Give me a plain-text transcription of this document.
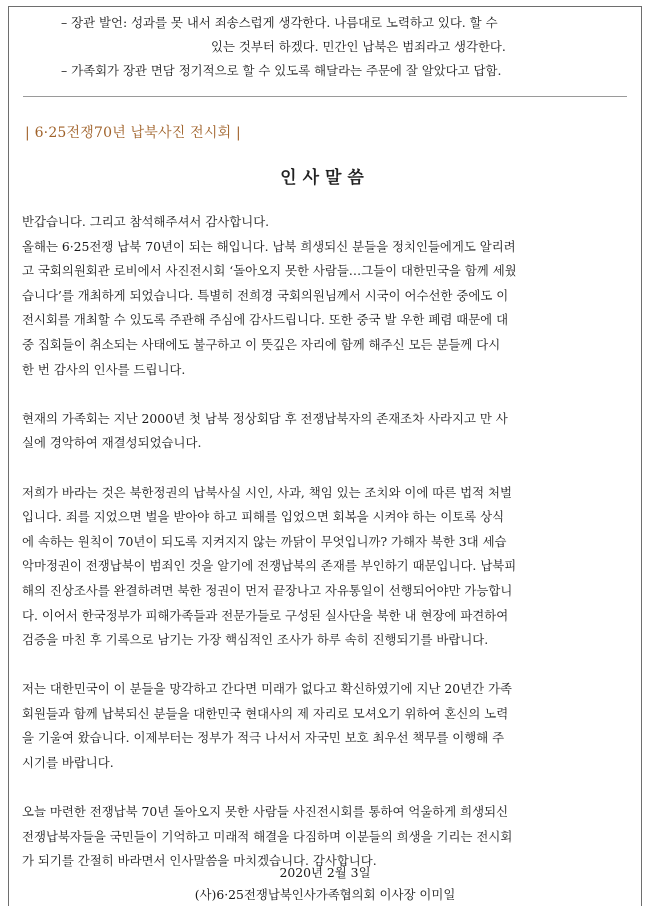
– 장관 발언: 성과를 못 내서 죄송스럽게 생각한다. 나름대로 노력하고 있다. 할 수
있는 것부터 하겠다. 민간인 납북은 범죄라고 생각한다.
– 가족회가 장관 면담 정기적으로 할 수 있도록 해달라는 주문에 잘 알았다고 답함.
| 6·25전쟁70년 납북사진 전시회 |
인사말씀
반갑습니다. 그리고 참석해주셔서 감사합니다.
올해는 6·25전쟁 납북 70년이 되는 해입니다. 납북 희생되신 분들을 정치인들에게도 알리려
고 국회의원회관 로비에서 사진전시회 ‘돌아오지 못한 사람들…그들이 대한민국을 함께 세웠
습니다’를 개최하게 되었습니다. 특별히 전희경 국회의원님께서 시국이 어수선한 중에도 이
전시회를 개최할 수 있도록 주관해 주심에 감사드립니다. 또한 중국 발 우한 폐렴 때문에 대
중 집회들이 취소되는 사태에도 불구하고 이 뜻깊은 자리에 함께 해주신 모든 분들께 다시
한 번 감사의 인사를 드립니다.
현재의 가족회는 지난 2000년 첫 남북 정상회담 후 전쟁납북자의 존재조차 사라지고 만 사
실에 경악하여 재결성되었습니다.
저희가 바라는 것은 북한정권의 납북사실 시인, 사과, 책임 있는 조치와 이에 따른 법적 처벌
입니다. 죄를 지었으면 벌을 받아야 하고 피해를 입었으면 회복을 시켜야 하는 이토록 상식
에 속하는 원칙이 70년이 되도록 지켜지지 않는 까닭이 무엇입니까? 가해자 북한 3대 세습
악마정권이 전쟁납북이 범죄인 것을 알기에 전쟁납북의 존재를 부인하기 때문입니다. 납북피
해의 진상조사를 완결하려면 북한 정권이 먼저 끝장나고 자유통일이 선행되어야만 가능합니
다. 이어서 한국정부가 피해가족들과 전문가들로 구성된 실사단을 북한 내 현장에 파견하여
검증을 마친 후 기록으로 남기는 가장 핵심적인 조사가 하루 속히 진행되기를 바랍니다.
저는 대한민국이 이 분들을 망각하고 간다면 미래가 없다고 확신하였기에 지난 20년간 가족
회원들과 함께 납북되신 분들을 대한민국 현대사의 제 자리로 모셔오기 위하여 혼신의 노력
을 기울여 왔습니다. 이제부터는 정부가 적극 나서서 자국민 보호 최우선 책무를 이행해 주
시기를 바랍니다.
오늘 마련한 전쟁납북 70년 돌아오지 못한 사람들 사진전시회를 통하여 억울하게 희생되신
전쟁납북자들을 국민들이 기억하고 미래적 해결을 다짐하며 이분들의 희생을 기리는 전시회
가 되기를 간절히 바라면서 인사말씀을 마치겠습니다. 감사합니다.
2020년 2월 3일
(사)6·25전쟁납북인사가족협의회 이사장 이미일
